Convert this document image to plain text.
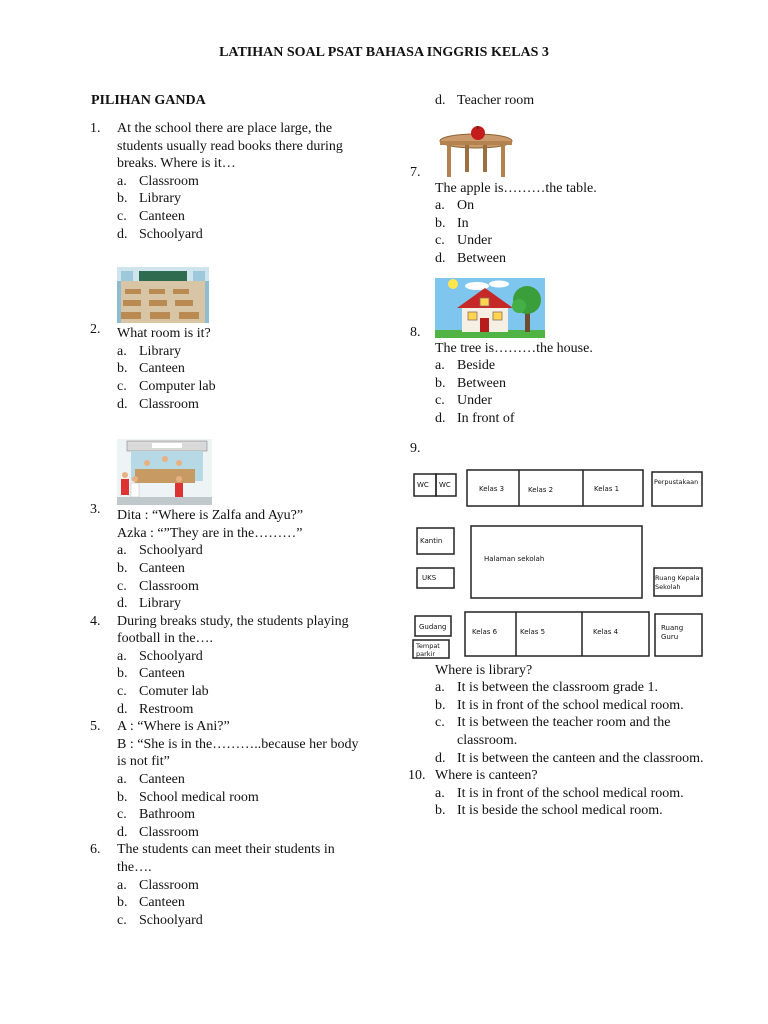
LATIHAN SOAL PSAT BAHASA INGGRIS KELAS 3
PILIHAN GANDA
1. At the school there are place large, the students usually read books there during breaks. Where is it…
a. Classroom
b. Library
c. Canteen
d. Schoolyard
2. What room is it?
a. Library
b. Canteen
c. Computer lab
d. Classroom
3. Dita : “Where is Zalfa and Ayu?”
Azka : “”They are in the………”
a. Schoolyard
b. Canteen
c. Classroom
d. Library
4. During breaks study, the students playing football in the….
a. Schoolyard
b. Canteen
c. Comuter lab
d. Restroom
5. A : “Where is Ani?”
B : “She is in the………..because her body is not fit”
a. Canteen
b. School medical room
c. Bathroom
d. Classroom
6. The students can meet their students in the….
a. Classroom
b. Canteen
c. Schoolyard
d. Teacher room
7.
The apple is………the table.
a. On
b. In
c. Under
d. Between
8.
The tree is………the house.
a. Beside
b. Between
c. Under
d. In front of
9.
WC WC	Kelas 3	Kelas 2	Kelas 1
Perpustakaan
Kantin
Halaman sekolah
UKS	Ruang Kepala
Sekolah
Gudang
Kelas 6	Kelas 5	Kelas 4	Ruang
Guru
Tempat
parkir
Where is library?
a. It is between the classroom grade 1.
b. It is in front of the school medical room.
c. It is between the teacher room and the classroom.
d. It is between the canteen and the classroom.
10. Where is canteen?
a. It is in front of the school medical room.
b. It is beside the school medical room.
